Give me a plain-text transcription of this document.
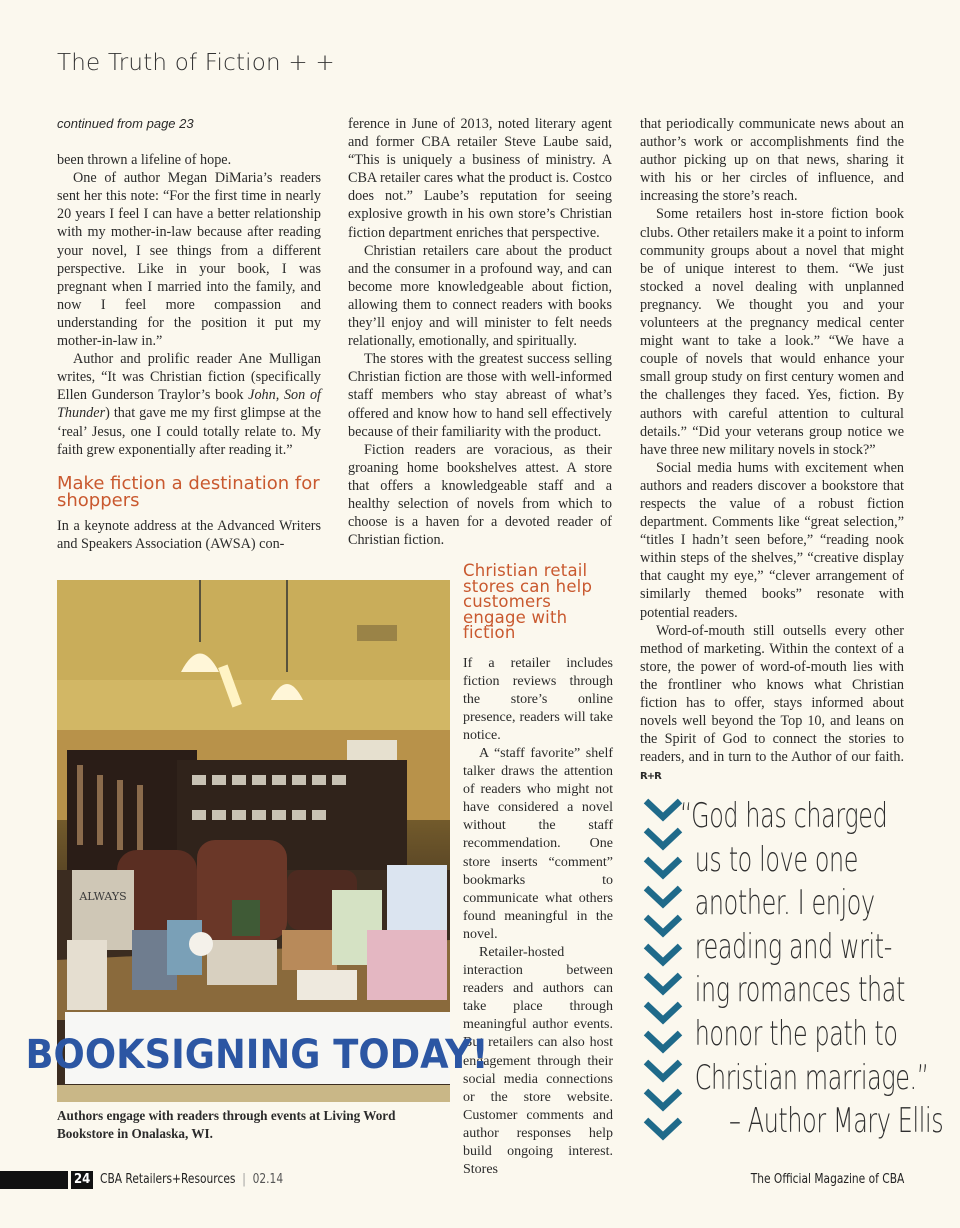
The Truth of Fiction + +

continued from page 23

been thrown a lifeline of hope.

One of author Megan DiMaria’s readers sent her this note: “For the first time in nearly 20 years I feel I can have a better relationship with my mother-in-law because after reading your novel, I see things from a different perspective. Like in your book, I was pregnant when I married into the family, and now I feel more compassion and understanding for the position it put my mother-in-law in.”

Author and prolific reader Ane Mulligan writes, “It was Christian fiction (specifically Ellen Gunderson Traylor’s book John, Son of Thunder) that gave me my first glimpse at the ‘real’ Jesus, one I could totally relate to. My faith grew exponentially after reading it.”

Make fiction a destination for shoppers

In a keynote address at the Advanced Writers and Speakers Association (AWSA) con-

ference in June of 2013, noted literary agent and former CBA retailer Steve Laube said, “This is uniquely a business of ministry. A CBA retailer cares what the product is. Costco does not.” Laube’s reputation for seeing explosive growth in his own store’s Christian fiction department enriches that perspective.

Christian retailers care about the product and the consumer in a profound way, and can become more knowledgeable about fiction, allowing them to connect readers with books they’ll enjoy and will minister to felt needs relationally, emotionally, and spiritually.

The stores with the greatest success selling Christian fiction are those with well-informed staff members who stay abreast of what’s offered and know how to hand sell effectively because of their familiarity with the product.

Fiction readers are voracious, as their groaning home bookshelves attest. A store that offers a knowledgeable staff and a healthy selection of novels from which to choose is a haven for a devoted reader of Christian fiction.

Christian retail stores can help customers engage with fiction

If a retailer includes fiction reviews through the store’s online presence, readers will take notice.

A “staff favorite” shelf talker draws the attention of readers who might not have considered a novel without the staff recommendation. One store inserts “comment” bookmarks to communicate what others found meaningful in the novel.

Retailer-hosted interaction between readers and authors can take place through meaningful author events. But retailers can also host engagement through their social media connections or the store website. Customer comments and author responses help build ongoing interest. Stores

that periodically communicate news about an author’s work or accomplishments find the author picking up on that news, sharing it with his or her circles of influence, and increasing the store’s reach.

Some retailers host in-store fiction book clubs. Other retailers make it a point to inform community groups about a novel that might be of unique interest to them. “We just stocked a novel dealing with unplanned pregnancy. We thought you and your volunteers at the pregnancy medical center might want to take a look.” “We have a couple of novels that would enhance your small group study on first century women and the challenges they faced. Yes, fiction. By authors with careful attention to cultural details.” “Did your veterans group notice we have three new military novels in stock?”

Social media hums with excitement when authors and readers discover a bookstore that respects the value of a robust fiction department. Comments like “great selection,” “titles I hadn’t seen before,” “reading nook within steps of the shelves,” “creative display that caught my eye,” “clever arrangement of similarly themed books” resonate with potential readers.

Word-of-mouth still outsells every other method of marketing. Within the context of a store, the power of word-of-mouth lies with the frontliner who knows what Christian fiction has to offer, stays informed about novels well beyond the Top 10, and leans on the Spirit of God to connect the stories to readers, and in turn to the Author of our faith. R+R

ALWAYS
BOOKSIGNING TODAY!
Authors engage with readers through events at Living Word Bookstore in Onalaska, WI.
“God has charged
us to love one
another. I enjoy
reading and writ-
ing romances that
honor the path to
Christian marriage.”
– Author Mary Ellis
24 CBA Retailers+Resources | 02.14	The Official Magazine of CBA
